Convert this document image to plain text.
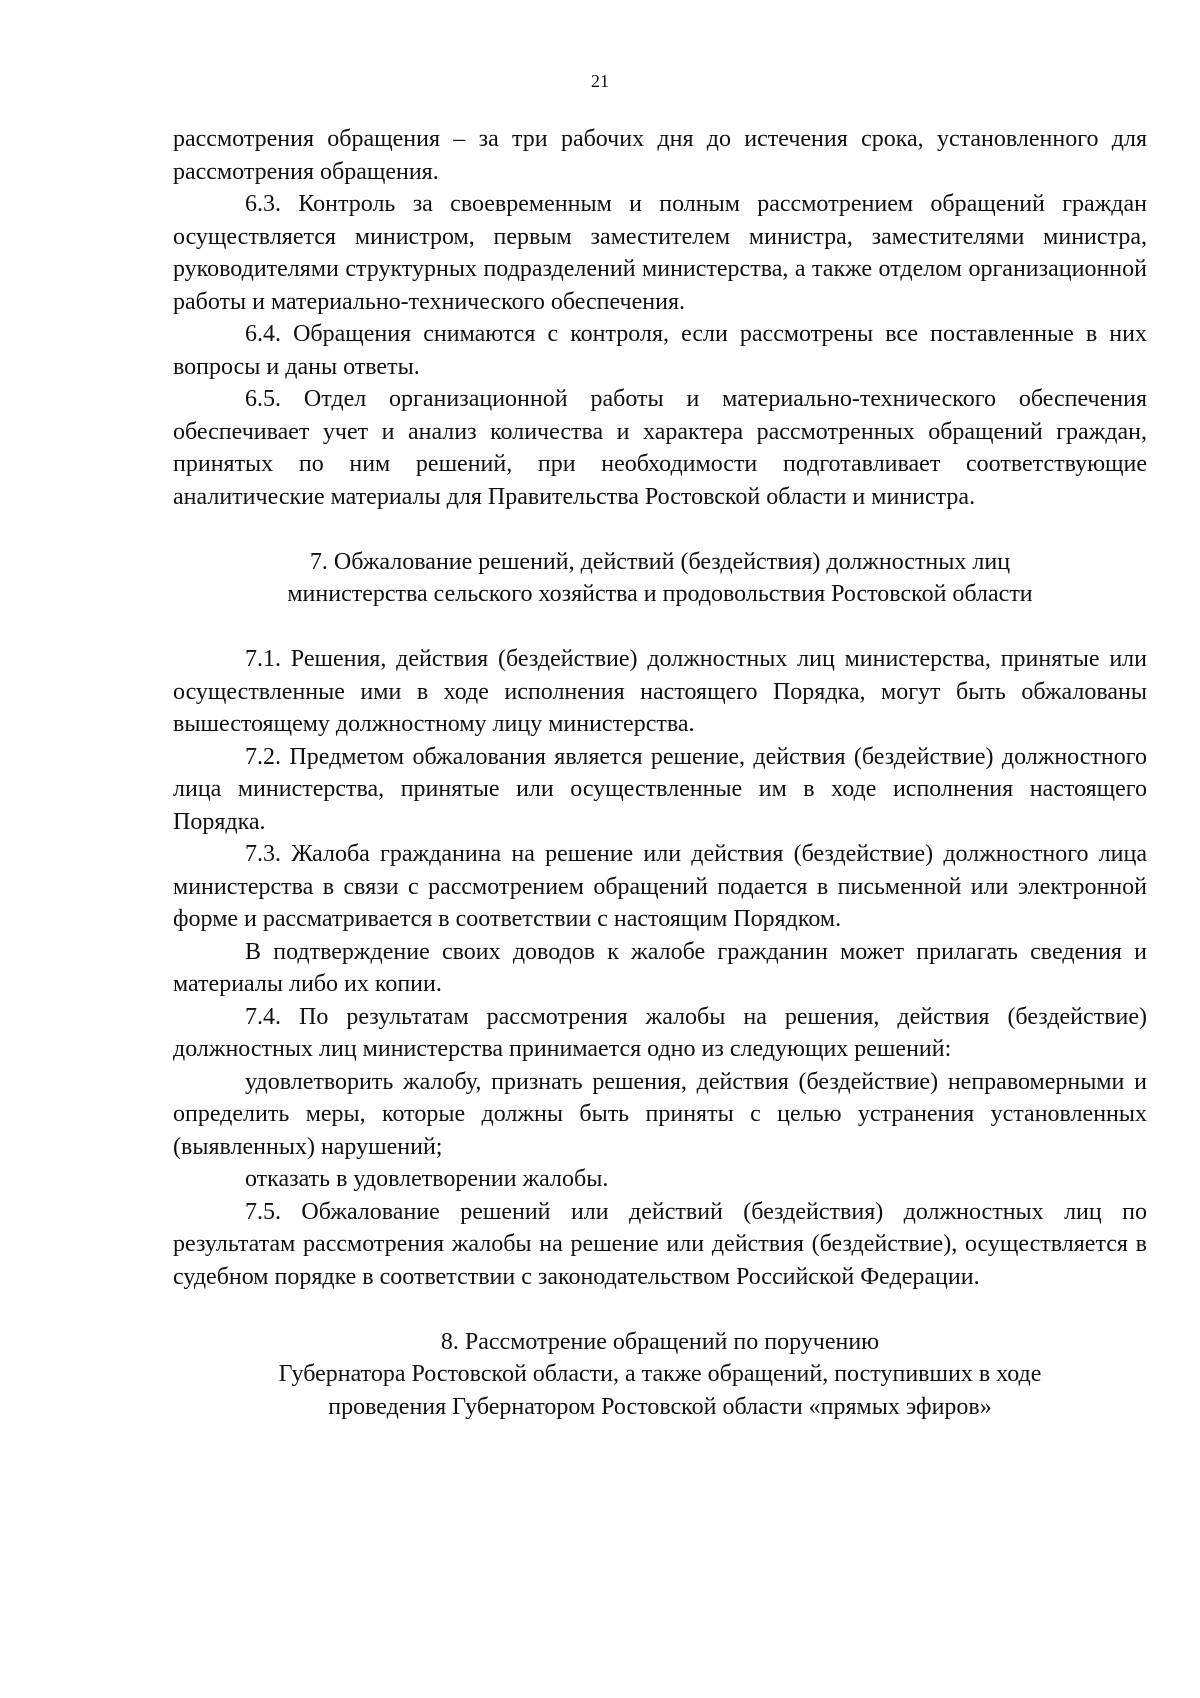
21

рассмотрения обращения – за три рабочих дня до истечения срока, установленного для рассмотрения обращения.

6.3. Контроль за своевременным и полным рассмотрением обращений граждан осуществляется министром, первым заместителем министра, заместителями министра, руководителями структурных подразделений министерства, а также отделом организационной работы и материально-технического обеспечения.

6.4. Обращения снимаются с контроля, если рассмотрены все поставленные в них вопросы и даны ответы.

6.5. Отдел организационной работы и материально-технического обеспечения обеспечивает учет и анализ количества и характера рассмотренных обращений граждан, принятых по ним решений, при необходимости подготавливает соответствующие аналитические материалы для Правительства Ростовской области и министра.

7. Обжалование решений, действий (бездействия) должностных лиц

министерства сельского хозяйства и продовольствия Ростовской области

7.1. Решения, действия (бездействие) должностных лиц министерства, принятые или осуществленные ими в ходе исполнения настоящего Порядка, могут быть обжалованы вышестоящему должностному лицу министерства.

7.2. Предметом обжалования является решение, действия (бездействие) должностного лица министерства, принятые или осуществленные им в ходе исполнения настоящего Порядка.

7.3. Жалоба гражданина на решение или действия (бездействие) должностного лица министерства в связи с рассмотрением обращений подается в письменной или электронной форме и рассматривается в соответствии с настоящим Порядком.

В подтверждение своих доводов к жалобе гражданин может прилагать сведения и материалы либо их копии.

7.4. По результатам рассмотрения жалобы на решения, действия (бездействие) должностных лиц министерства принимается одно из следующих решений:

удовлетворить жалобу, признать решения, действия (бездействие) неправомерными и определить меры, которые должны быть приняты с целью устранения установленных (выявленных) нарушений;

отказать в удовлетворении жалобы.

7.5. Обжалование решений или действий (бездействия) должностных лиц по результатам рассмотрения жалобы на решение или действия (бездействие), осуществляется в судебном порядке в соответствии с законодательством Российской Федерации.

8. Рассмотрение обращений по поручению

Губернатора Ростовской области, а также обращений, поступивших в ходе

проведения Губернатором Ростовской области «прямых эфиров»
